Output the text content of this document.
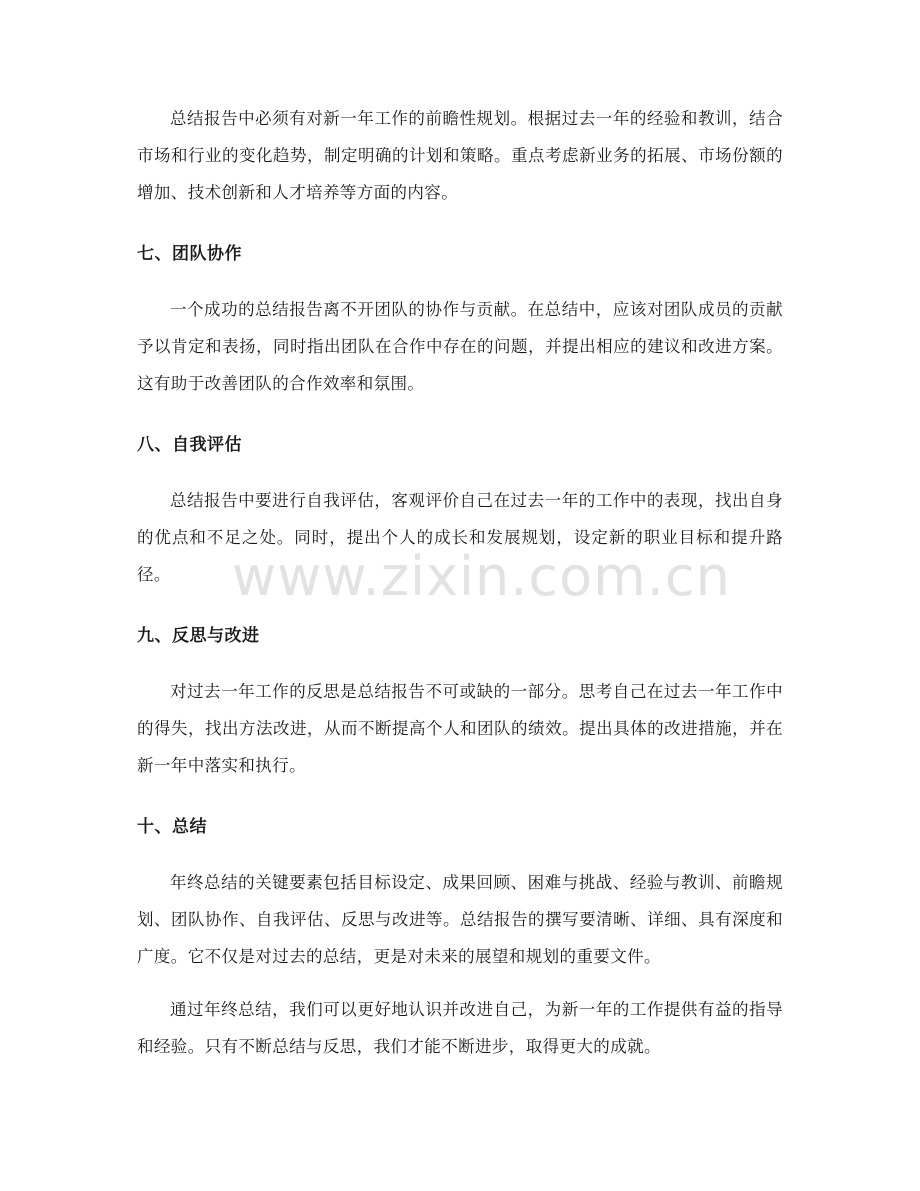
总结报告中必须有对新一年工作的前瞻性规划。根据过去一年的经验和教训，结合市场和行业的变化趋势，制定明确的计划和策略。重点考虑新业务的拓展、市场份额的增加、技术创新和人才培养等方面的内容。

七、团队协作

一个成功的总结报告离不开团队的协作与贡献。在总结中，应该对团队成员的贡献予以肯定和表扬，同时指出团队在合作中存在的问题，并提出相应的建议和改进方案。这有助于改善团队的合作效率和氛围。

八、自我评估

总结报告中要进行自我评估，客观评价自己在过去一年的工作中的表现，找出自身的优点和不足之处。同时，提出个人的成长和发展规划，设定新的职业目标和提升路径。

九、反思与改进

对过去一年工作的反思是总结报告不可或缺的一部分。思考自己在过去一年工作中的得失，找出方法改进，从而不断提高个人和团队的绩效。提出具体的改进措施，并在新一年中落实和执行。

十、总结

年终总结的关键要素包括目标设定、成果回顾、困难与挑战、经验与教训、前瞻规划、团队协作、自我评估、反思与改进等。总结报告的撰写要清晰、详细、具有深度和广度。它不仅是对过去的总结，更是对未来的展望和规划的重要文件。

通过年终总结，我们可以更好地认识并改进自己，为新一年的工作提供有益的指导和经验。只有不断总结与反思，我们才能不断进步，取得更大的成就。

www.zixin.com.cn
